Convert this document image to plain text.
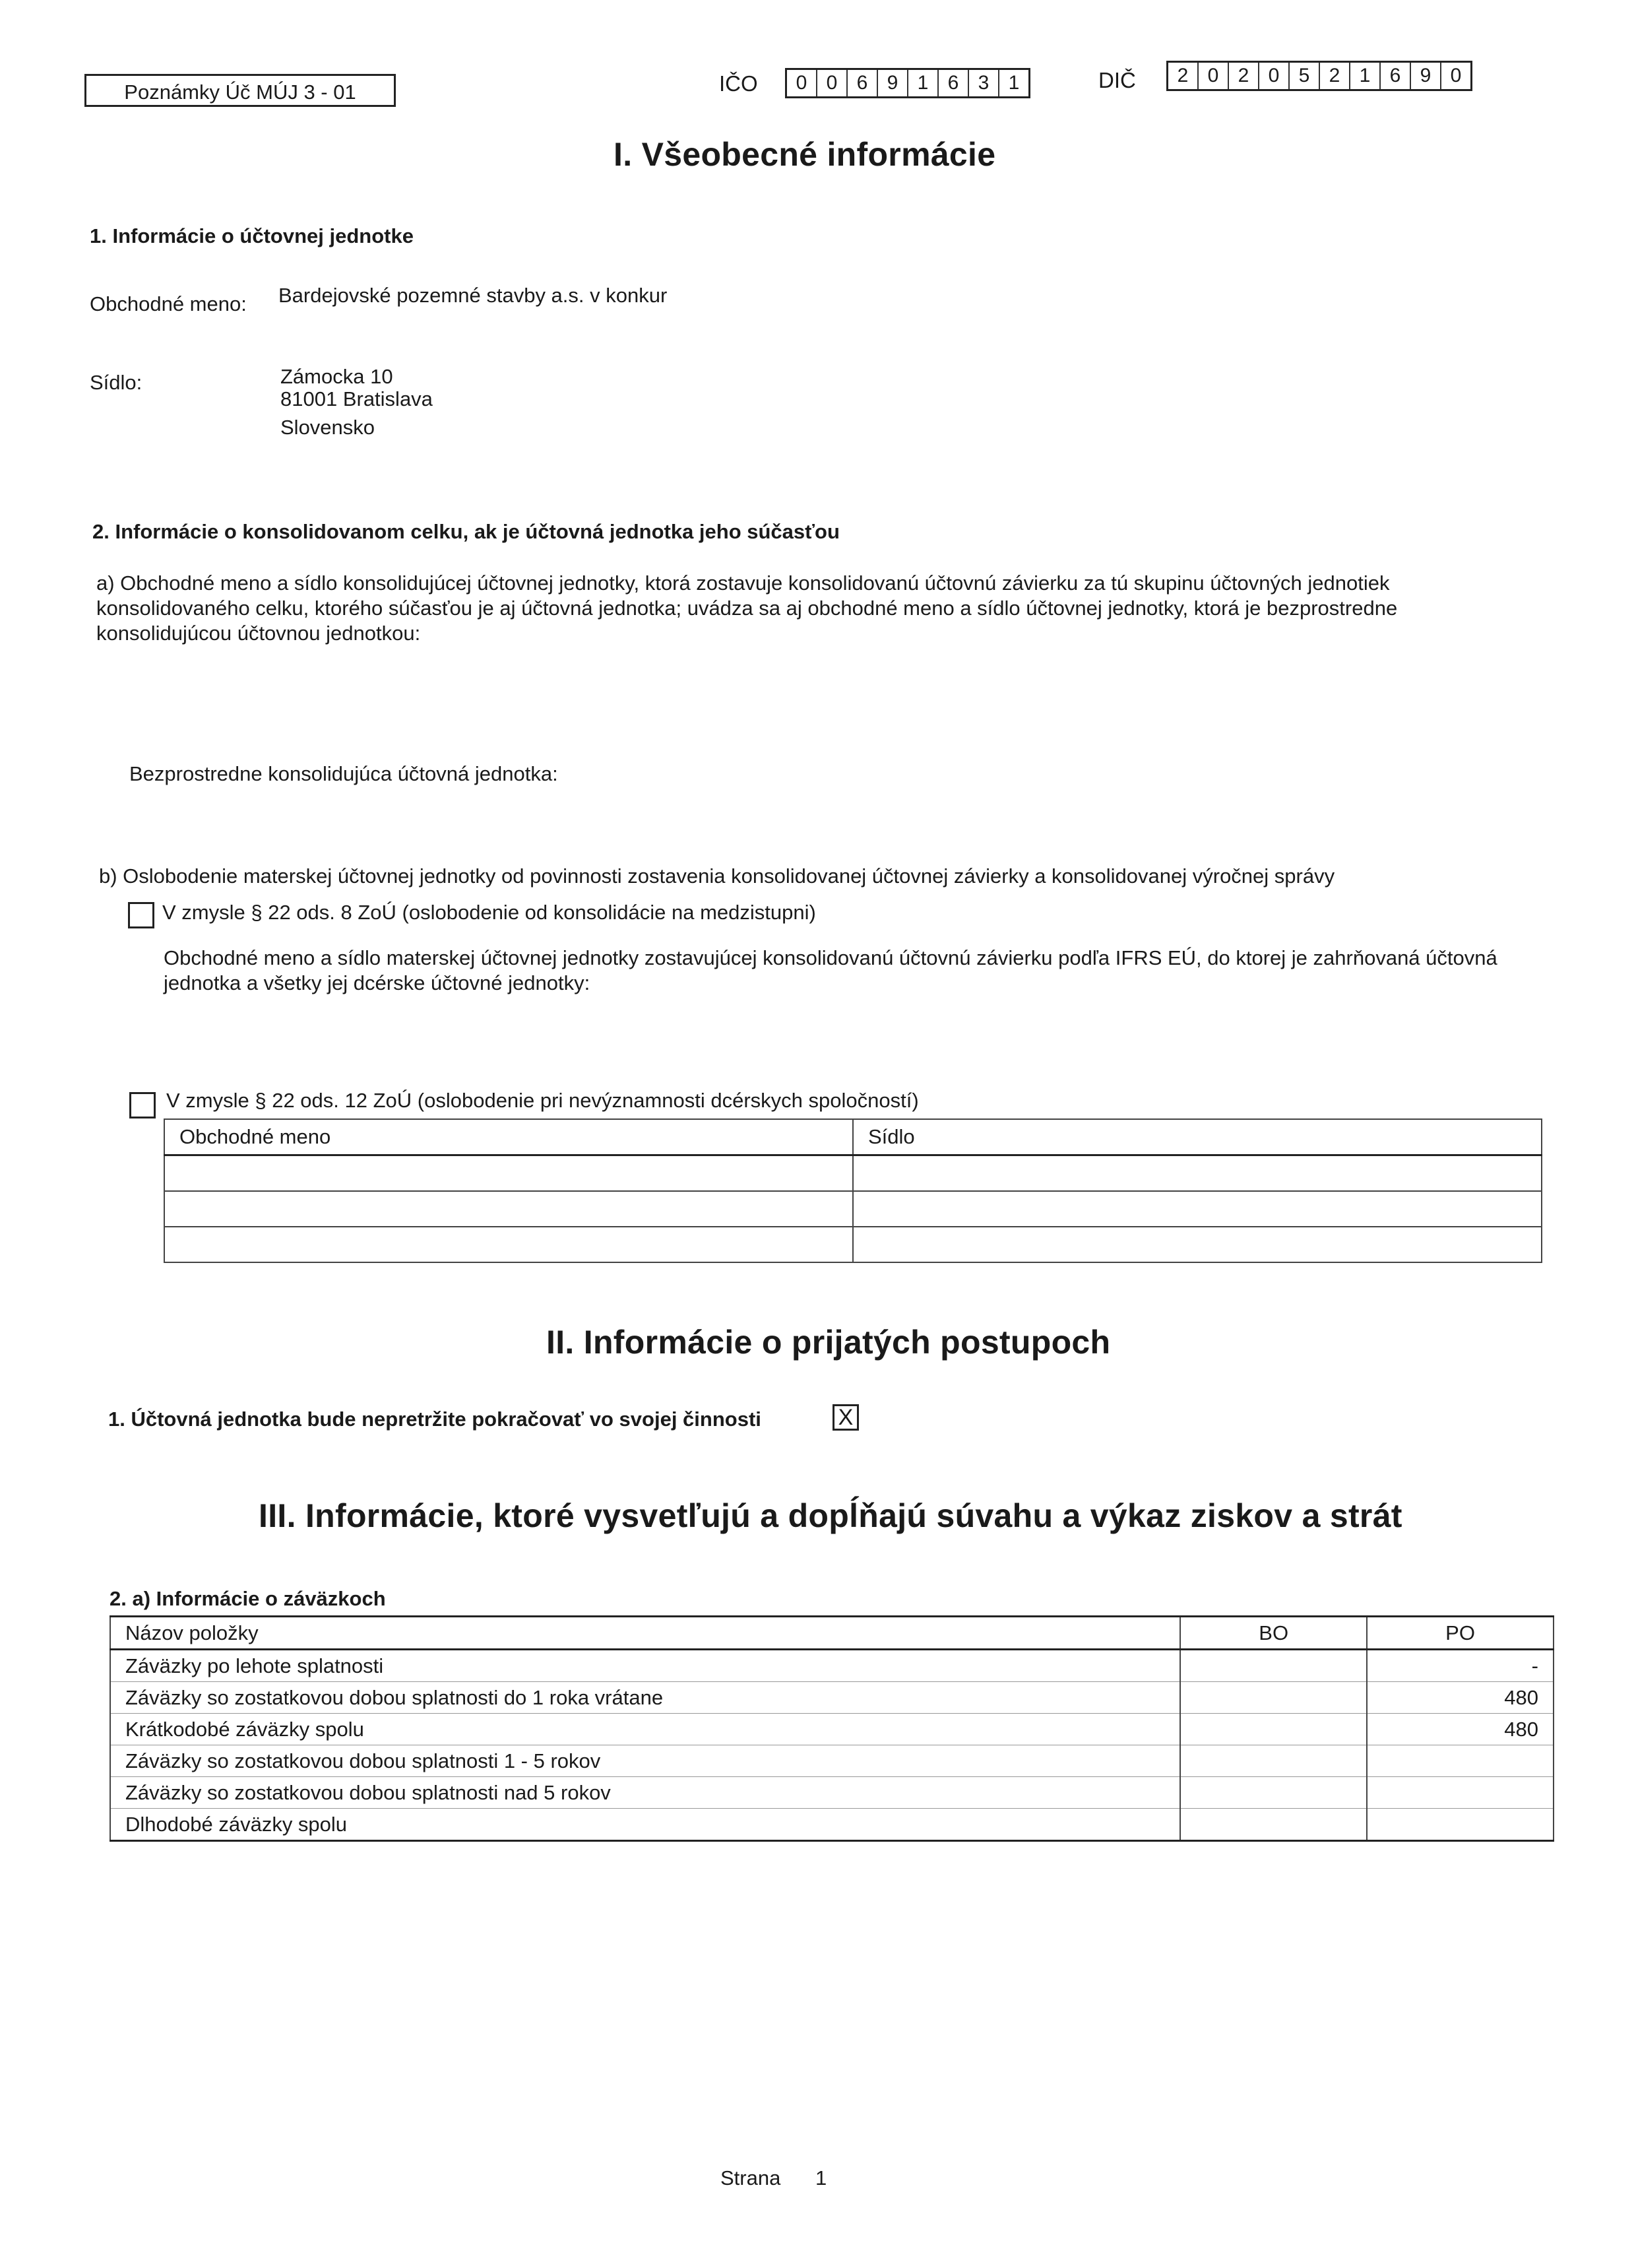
Poznámky Úč MÚJ 3 - 01	IČO	0 0 6 9 1 6 3 1	DIČ	2 0 2 0 5 2 1 6 9 0
I. Všeobecné informácie
1. Informácie o účtovnej jednotke
Obchodné meno: Bardejovské pozemné stavby a.s. v konkur
Sídlo:	Zámocka 10
81001 Bratislava
Slovensko
2. Informácie o konsolidovanom celku, ak je účtovná jednotka jeho súčasťou
a) Obchodné meno a sídlo konsolidujúcej účtovnej jednotky, ktorá zostavuje konsolidovanú účtovnú závierku za tú skupinu účtovných jednotiek konsolidovaného celku, ktorého súčasťou je aj účtovná jednotka; uvádza sa aj obchodné meno a sídlo účtovnej jednotky, ktorá je bezprostredne konsolidujúcou účtovnou jednotkou:
Bezprostredne konsolidujúca účtovná jednotka:
b) Oslobodenie materskej účtovnej jednotky od povinnosti zostavenia konsolidovanej účtovnej závierky a konsolidovanej výročnej správy
V zmysle § 22 ods. 8 ZoÚ (oslobodenie od konsolidácie na medzistupni)
Obchodné meno a sídlo materskej účtovnej jednotky zostavujúcej konsolidovanú účtovnú závierku podľa IFRS EÚ, do ktorej je zahrňovaná účtovná jednotka a všetky jej dcérske účtovné jednotky:
V zmysle § 22 ods. 12 ZoÚ (oslobodenie pri nevýznamnosti dcérskych spoločností)
Obchodné meno	Sídlo

II. Informácie o prijatých postupoch
1. Účtovná jednotka bude nepretržite pokračovať vo svojej činnosti	X
III. Informácie, ktoré vysvetľujú a dopĺňajú súvahu a výkaz ziskov a strát
2. a) Informácie o záväzkoch
Názov položky	BO	PO
Záväzky po lehote splatnosti		-
Záväzky so zostatkovou dobou splatnosti do 1 roka vrátane		480
Krátkodobé záväzky spolu		480
Záväzky so zostatkovou dobou splatnosti 1 - 5 rokov		
Záväzky so zostatkovou dobou splatnosti nad 5 rokov		
Dlhodobé záväzky spolu		
Strana 1
